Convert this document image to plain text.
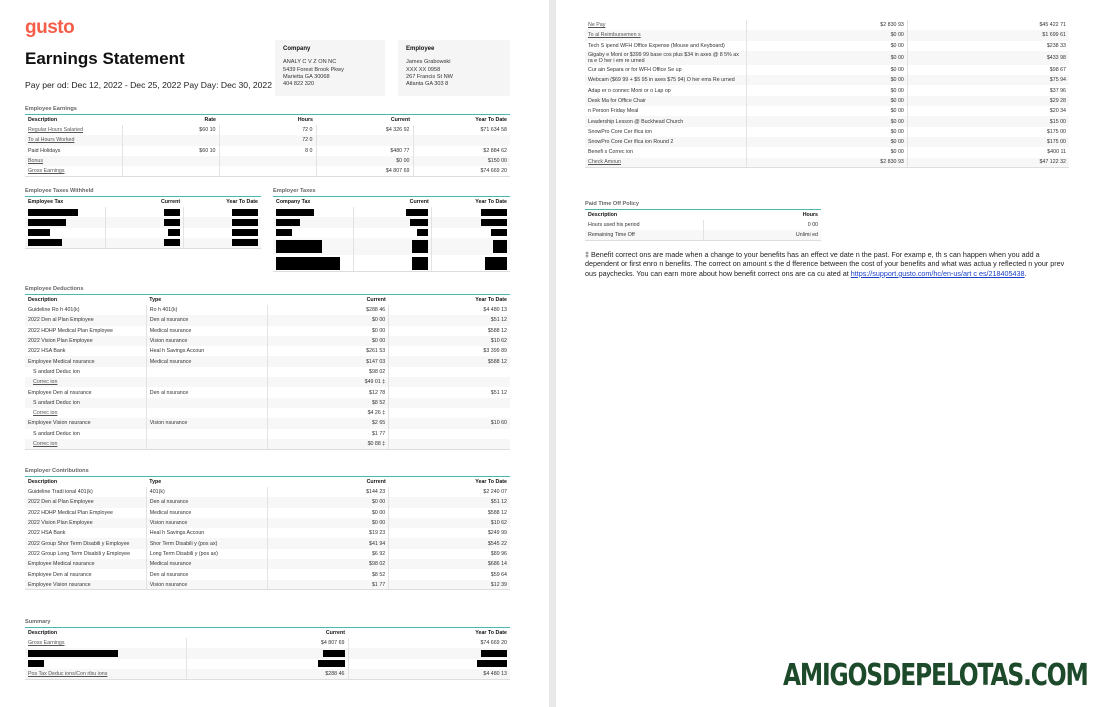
gusto
Earnings Statement
Pay per od: Dec 12, 2022 - Dec 25, 2022 Pay Day: Dec 30, 2022
Company
ANALY C V Z ON NC
5439 Forest Brook Pkwy
Marietta GA 30068
404 822 320
Employee
James Grabowski
XXX XX 0958
267 Francis St NW
Atlanta GA 303 8
Employee Earnings
Description	Rate	Hours	Current	Year To Date
Regular Hours Salaried	$60 10	72 0	$4 326 92	$71 634 58
To al Hours Worked		72 0		
Paid Holidays	$60 10	8 0	$480 77	$2 884 62
Bonus			$0 00	$150 00
Gross Earnings			$4 807 69	$74 669 20
Employee Taxes Withheld
Employee Tax	Current	Year To Date

Employer Taxes
Company Tax	Current	Year To Date

Employee Deductions
Description	Type	Current	Year To Date
Guideline Ro h 401(k)	Ro h 401(k)	$288 46	$4 480 13
2022 Den al Plan Employee	Den al nsurance	$0 00	$51 12
2022 HDHP Medical Plan Employee	Medical nsurance	$0 00	$588 12
2022 Vision Plan Employee	Vision nsurance	$0 00	$10 62
2022 HSA Bank	Heal h Savings Accoun	$261 53	$3 399 89
Employee Medical nsurance	Medical nsurance	$147 03	$588 12
S andard Deduc ion		$98 02	
Correc ion		$49 01 ‡	
Employee Den al nsurance	Den al nsurance	$12 78	$51 12
S andard Deduc ion		$8 52	
Correc ion		$4 26 ‡	
Employee Vision nsurance	Vision nsurance	$2 65	$10 60
S andard Deduc ion		$1 77	
Correc ion		$0 88 ‡	
Employer Contributions
Description	Type	Current	Year To Date
Guideline Tradi ional 401(k)	401(k)	$144 23	$2 240 07
2022 Den al Plan Employee	Den al nsurance	$0 00	$51 12
2022 HDHP Medical Plan Employee	Medical nsurance	$0 00	$588 12
2022 Vision Plan Employee	Vision nsurance	$0 00	$10 62
2022 HSA Bank	Heal h Savings Accoun	$19 23	$249 99
2022 Group Shor Term Disabili y Employee	Shor Term Disabili y (pos ax)	$41 94	$545 22
2022 Group Long Term Disabili y Employee	Long Term Disabili y (pos ax)	$6 92	$89 96
Employee Medical nsurance	Medical nsurance	$98 02	$686 14
Employee Den al nsurance	Den al nsurance	$8 52	$59 64
Employee Vision nsurance	Vision nsurance	$1 77	$12 39
Summary
Description	Current	Year To Date
Gross Earnings	$4 807 69	$74 669 20

Pos Tax Deduc ions/Con ribu ions	$288 46	$4 480 13
Ne Pay	$2 830 93	$45 422 71
To al Reimbursemen s	$0 00	$1 699 61
Tech S ipend WFH Office Expense (Mouse and Keyboard)	$0 00	$238 33
Gigaby e Moni or $399 99 base cos plus $34 in axes @ 8 5% ax ra e O her i em re urned	$0 00	$433 98
Cur ain Separa or for WFH Office Se up	$0 00	$98 67
Webcam ($69 99 + $5 95 in axes $75 94) O her ems Re urned	$0 00	$75 94
Adap er o connec Moni or o Lap op	$0 00	$37 96
Desk Ma for Office Chair	$0 00	$29 28
n Person Friday Meal	$0 00	$20 34
Leadership Lesson @ Buckhead Church	$0 00	$15 00
SnowPro Core Cer ifica ion	$0 00	$175 00
SnowPro Core Cer ifica ion Round 2	$0 00	$175 00
Benefi s Correc ion	$0 00	$400 11
Check Amoun	$2 830 93	$47 122 32
Paid Time Off Policy
Description	Hours
Hours used his period	0 00
Remaining Time Off	Unlimi ed
‡ Benefit correct ons are made when a change to your benefits has an effect ve date n the past. For examp e, th s can happen when you add a dependent or first enro n benefits. The correct on amount s the d fference between the cost of your benefits and what was actua y reflected n your prev ous paychecks. You can earn more about how benefit correct ons are ca cu ated at https://support.gusto.com/hc/en-us/art c es/218405438.
AMIGOSDEPELOTAS.COM
